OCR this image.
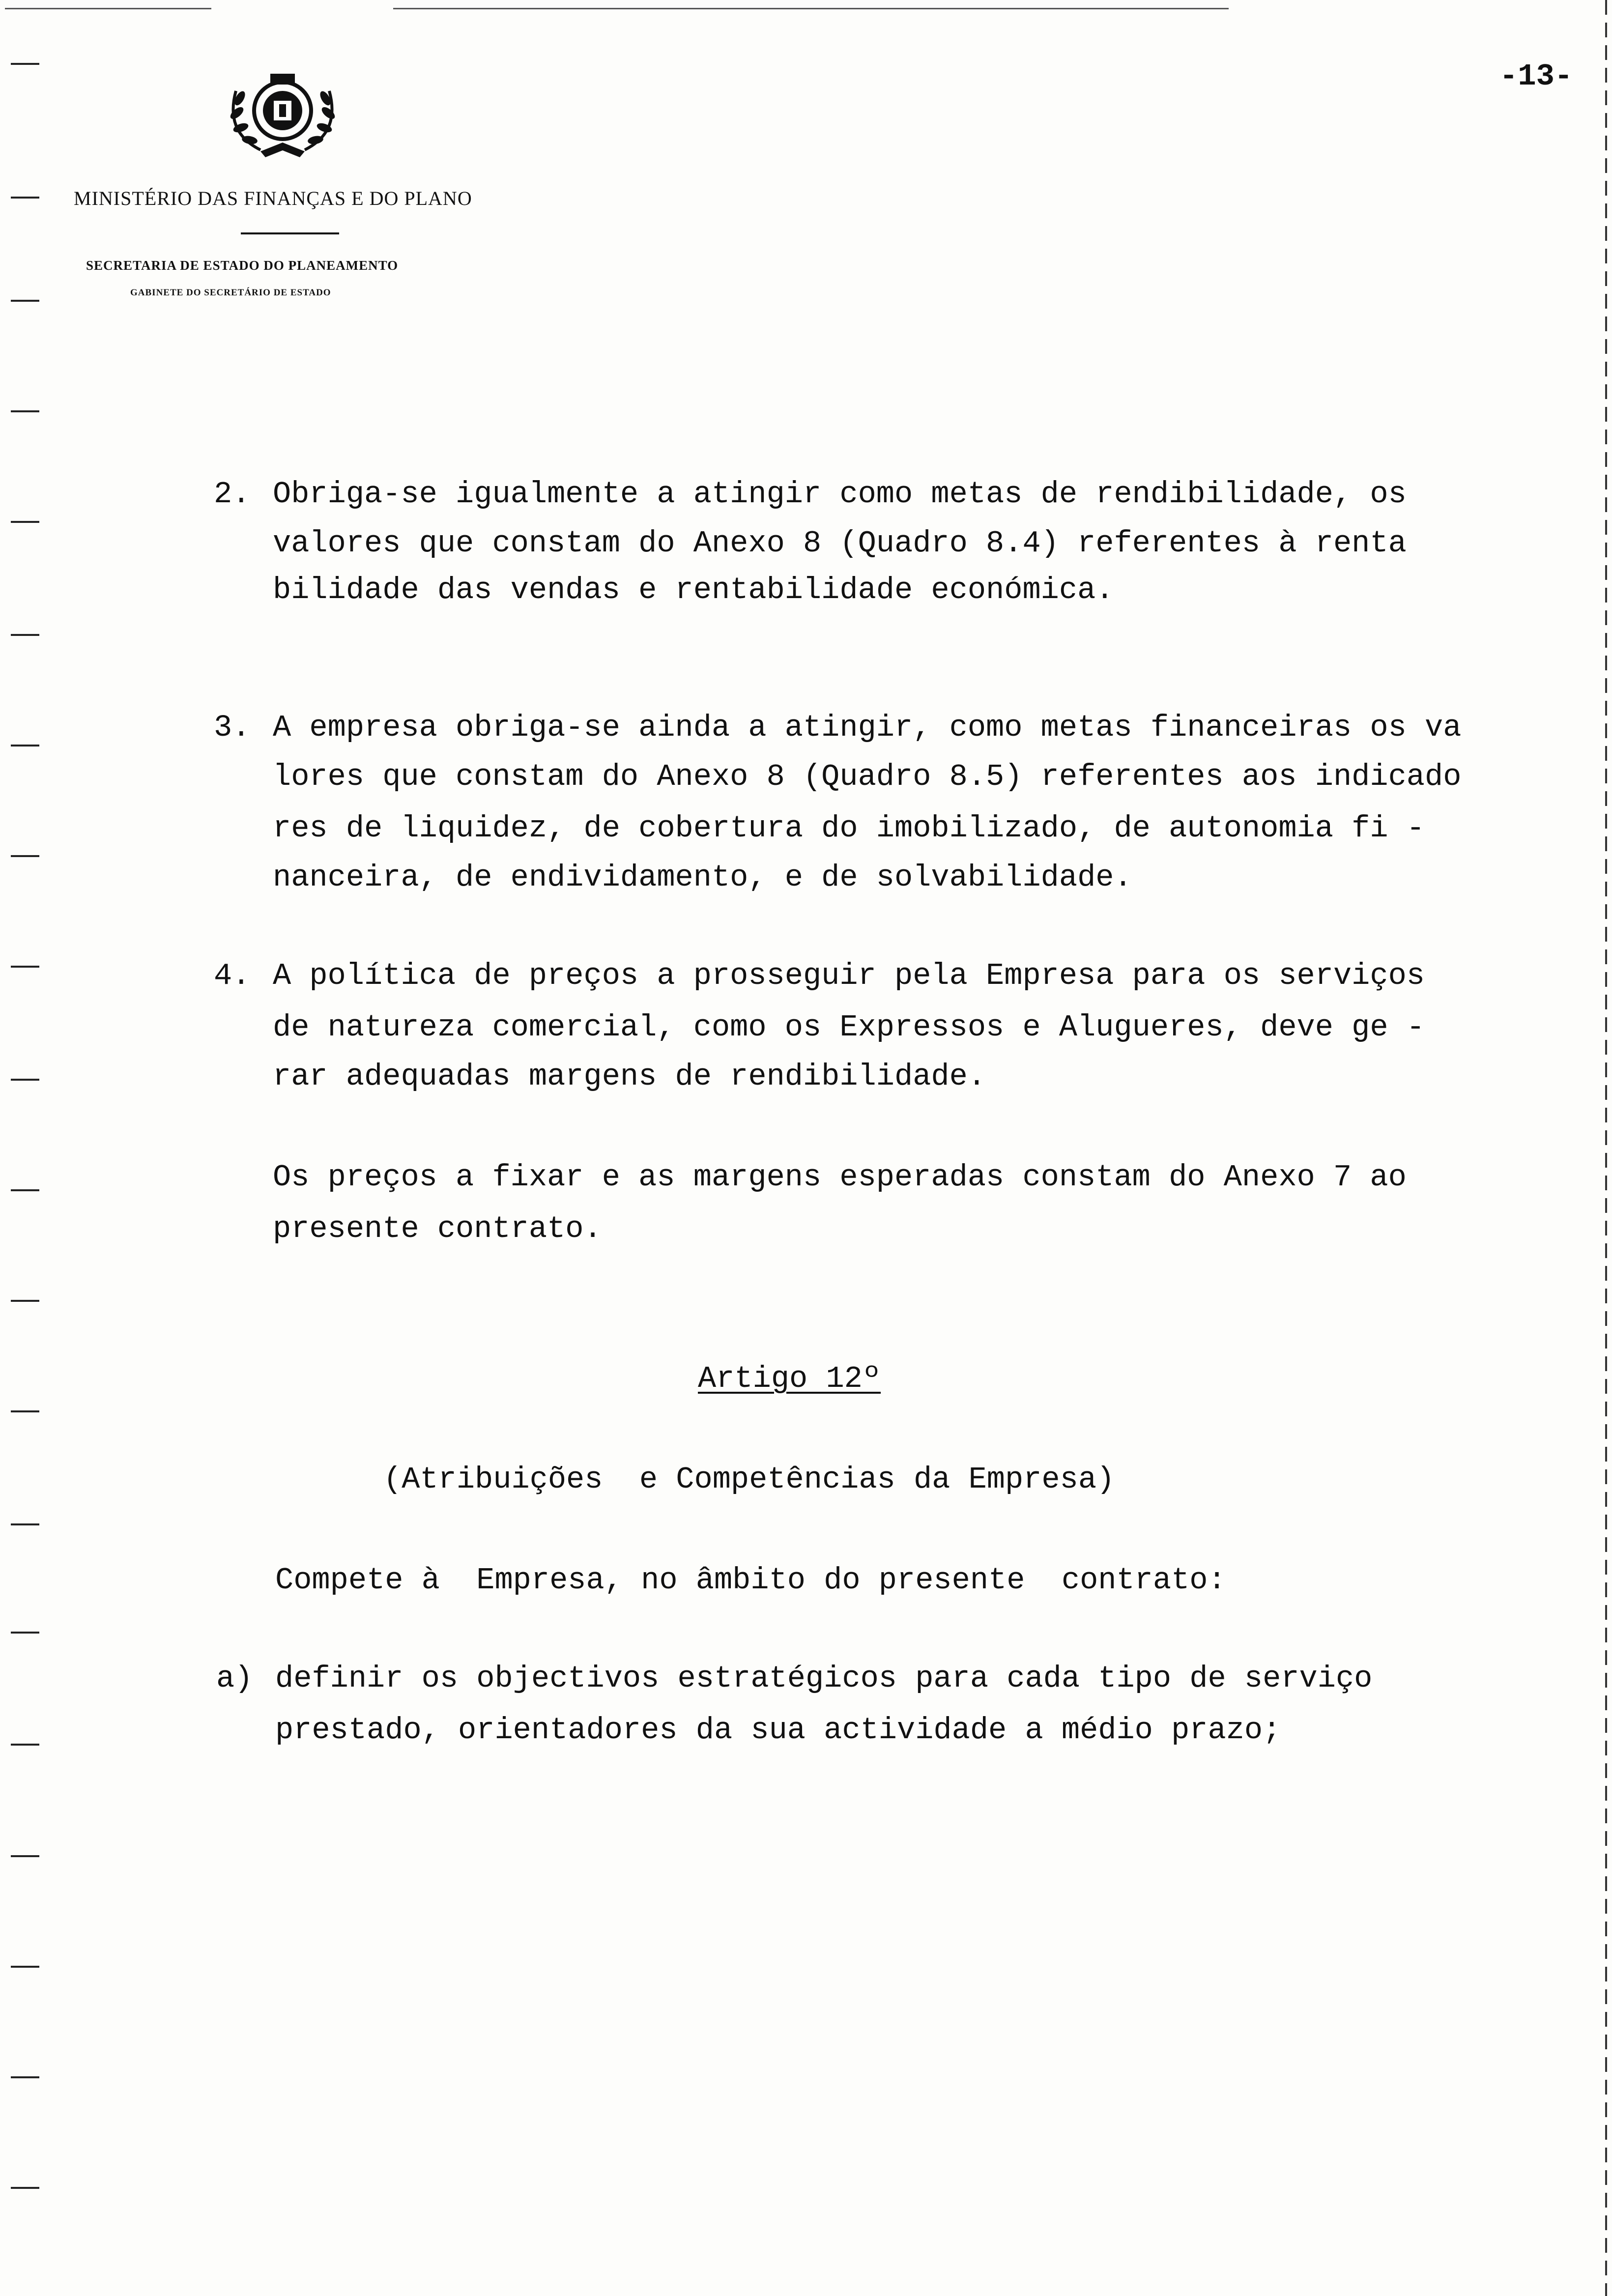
MINISTÉRIO DAS FINANÇAS E DO PLANO
SECRETARIA DE ESTADO DO PLANEAMENTO
GABINETE DO SECRETÁRIO DE ESTADO
-13-
2. Obriga-se igualmente a atingir como metas de rendibilidade, os
valores que constam do Anexo 8 (Quadro 8.4) referentes à renta
bilidade das vendas e rentabilidade económica.
3. A empresa obriga-se ainda a atingir, como metas financeiras os va
lores que constam do Anexo 8 (Quadro 8.5) referentes aos indicado
res de liquidez, de cobertura do imobilizado, de autonomia fi -
nanceira, de endividamento, e de solvabilidade.
4. A política de preços a prosseguir pela Empresa para os serviços
de natureza comercial, como os Expressos e Alugueres, deve ge -
rar adequadas margens de rendibilidade.
Os preços a fixar e as margens esperadas constam do Anexo 7 ao
presente contrato.
Artigo 12º
(Atribuições  e Competências da Empresa)
Compete à  Empresa, no âmbito do presente  contrato:
a) definir os objectivos estratégicos para cada tipo de serviço
prestado, orientadores da sua actividade a médio prazo;
